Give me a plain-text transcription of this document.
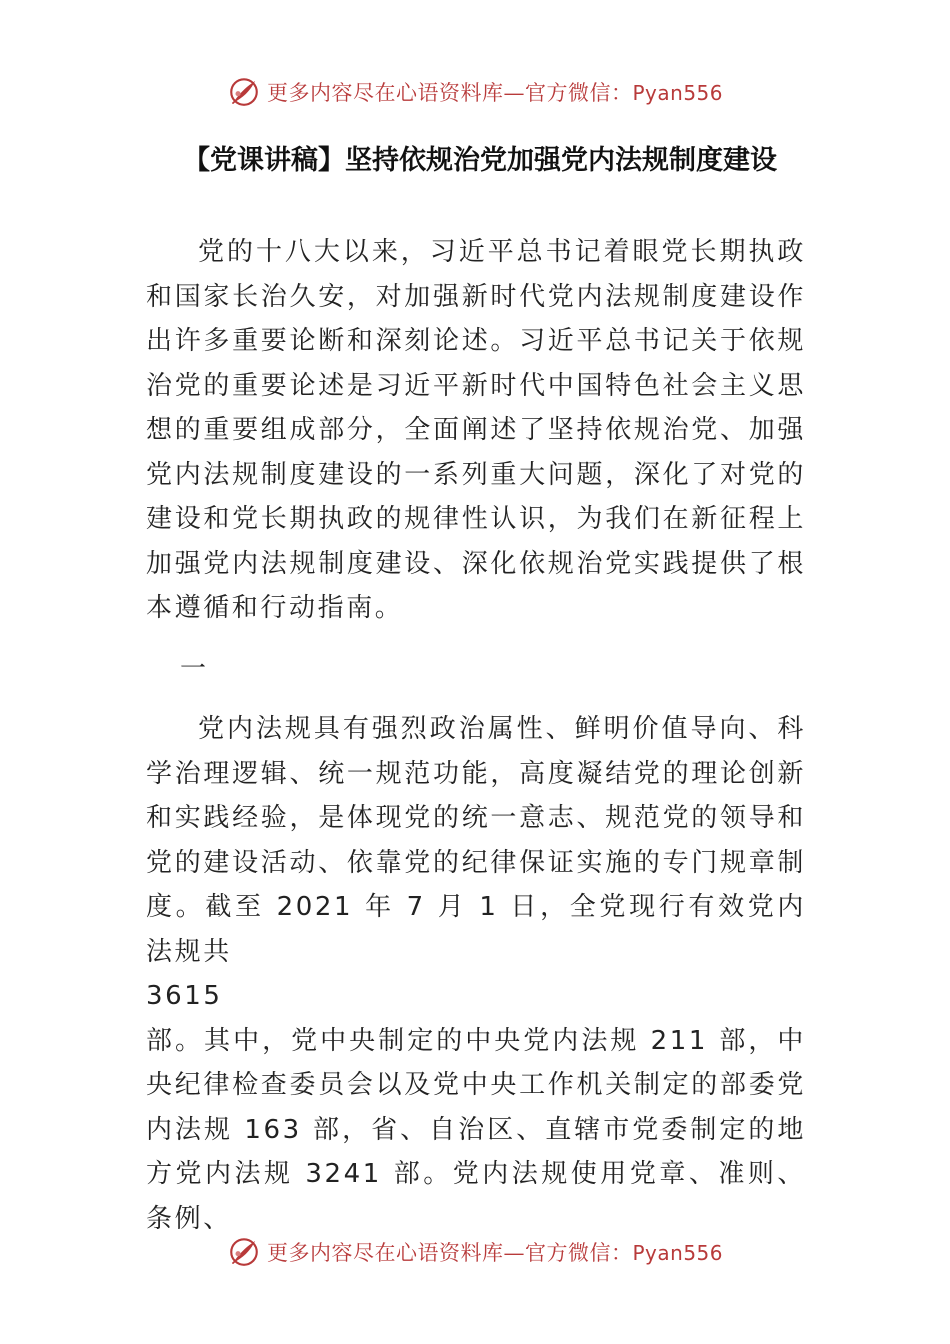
更多内容尽在心语资料库—官方微信：Pyan556
【党课讲稿】坚持依规治党加强党内法规制度建设

党的十八大以来，习近平总书记着眼党长期执政和国家长治久安，对加强新时代党内法规制度建设作出许多重要论断和深刻论述。习近平总书记关于依规治党的重要论述是习近平新时代中国特色社会主义思想的重要组成部分，全面阐述了坚持依规治党、加强党内法规制度建设的一系列重大问题，深化了对党的建设和党长期执政的规律性认识，为我们在新征程上加强党内法规制度建设、深化依规治党实践提供了根本遵循和行动指南。

一

党内法规具有强烈政治属性、鲜明价值导向、科学治理逻辑、统一规范功能，高度凝结党的理论创新和实践经验，是体现党的统一意志、规范党的领导和党的建设活动、依靠党的纪律保证实施的专门规章制度。截至 2021 年 7 月 1 日，全党现行有效党内法规共

3615

部。其中，党中央制定的中央党内法规 211 部，中央纪律检查委员会以及党中央工作机关制定的部委党内法规 163 部，省、自治区、直辖市党委制定的地方党内法规 3241 部。党内法规使用党章、准则、条例、

更多内容尽在心语资料库—官方微信：Pyan556
